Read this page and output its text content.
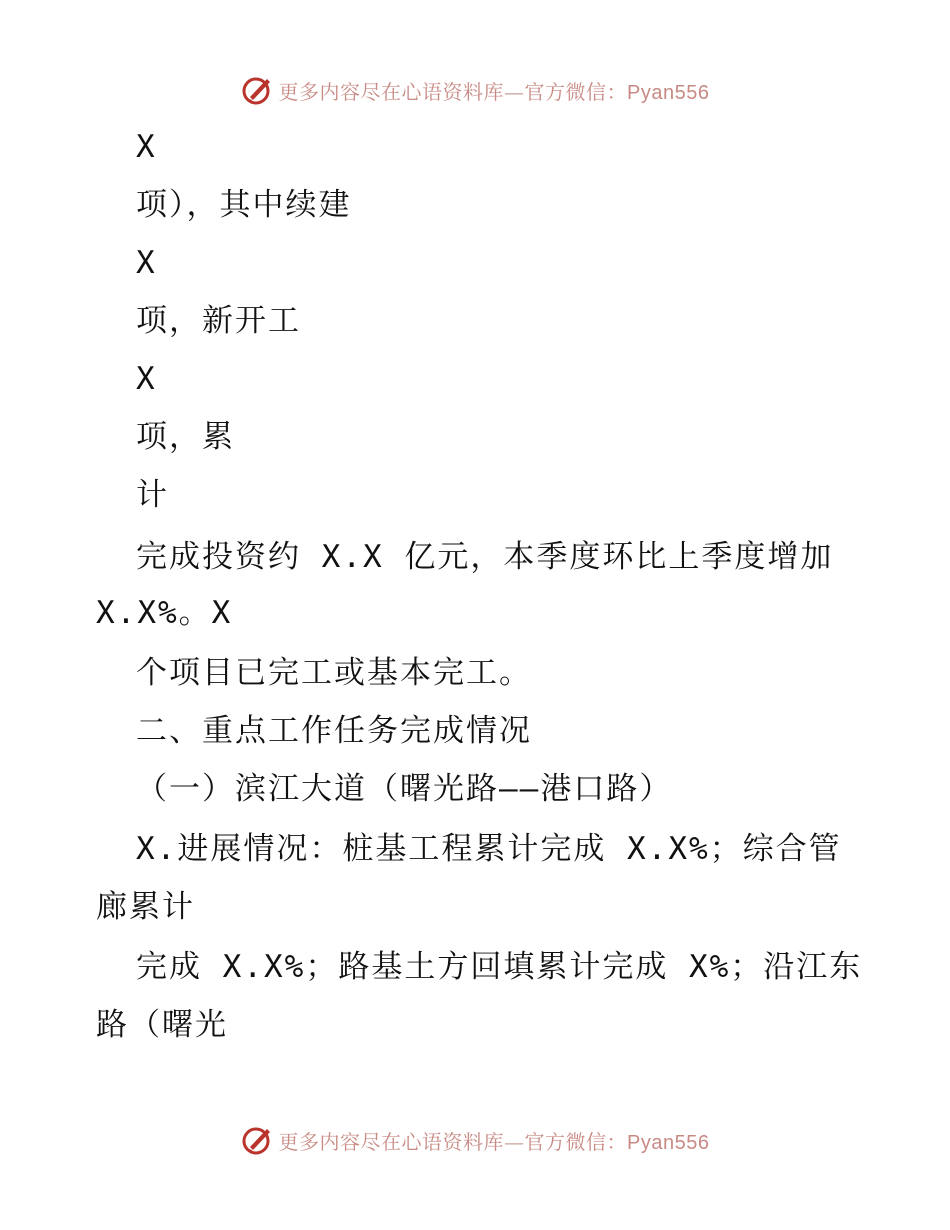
更多内容尽在心语资料库—官方微信：Pyan556
X
项），其中续建
X
项，新开工
X
项，累
计
完成投资约 X.X 亿元，本季度环比上季度增加
X.X%。X
个项目已完工或基本完工。
二、重点工作任务完成情况
（一）滨江大道（曙光路——港口路）
X.进展情况：桩基工程累计完成 X.X%；综合管
廊累计
完成 X.X%；路基土方回填累计完成 X%；沿江东
路（曙光
更多内容尽在心语资料库—官方微信：Pyan556
